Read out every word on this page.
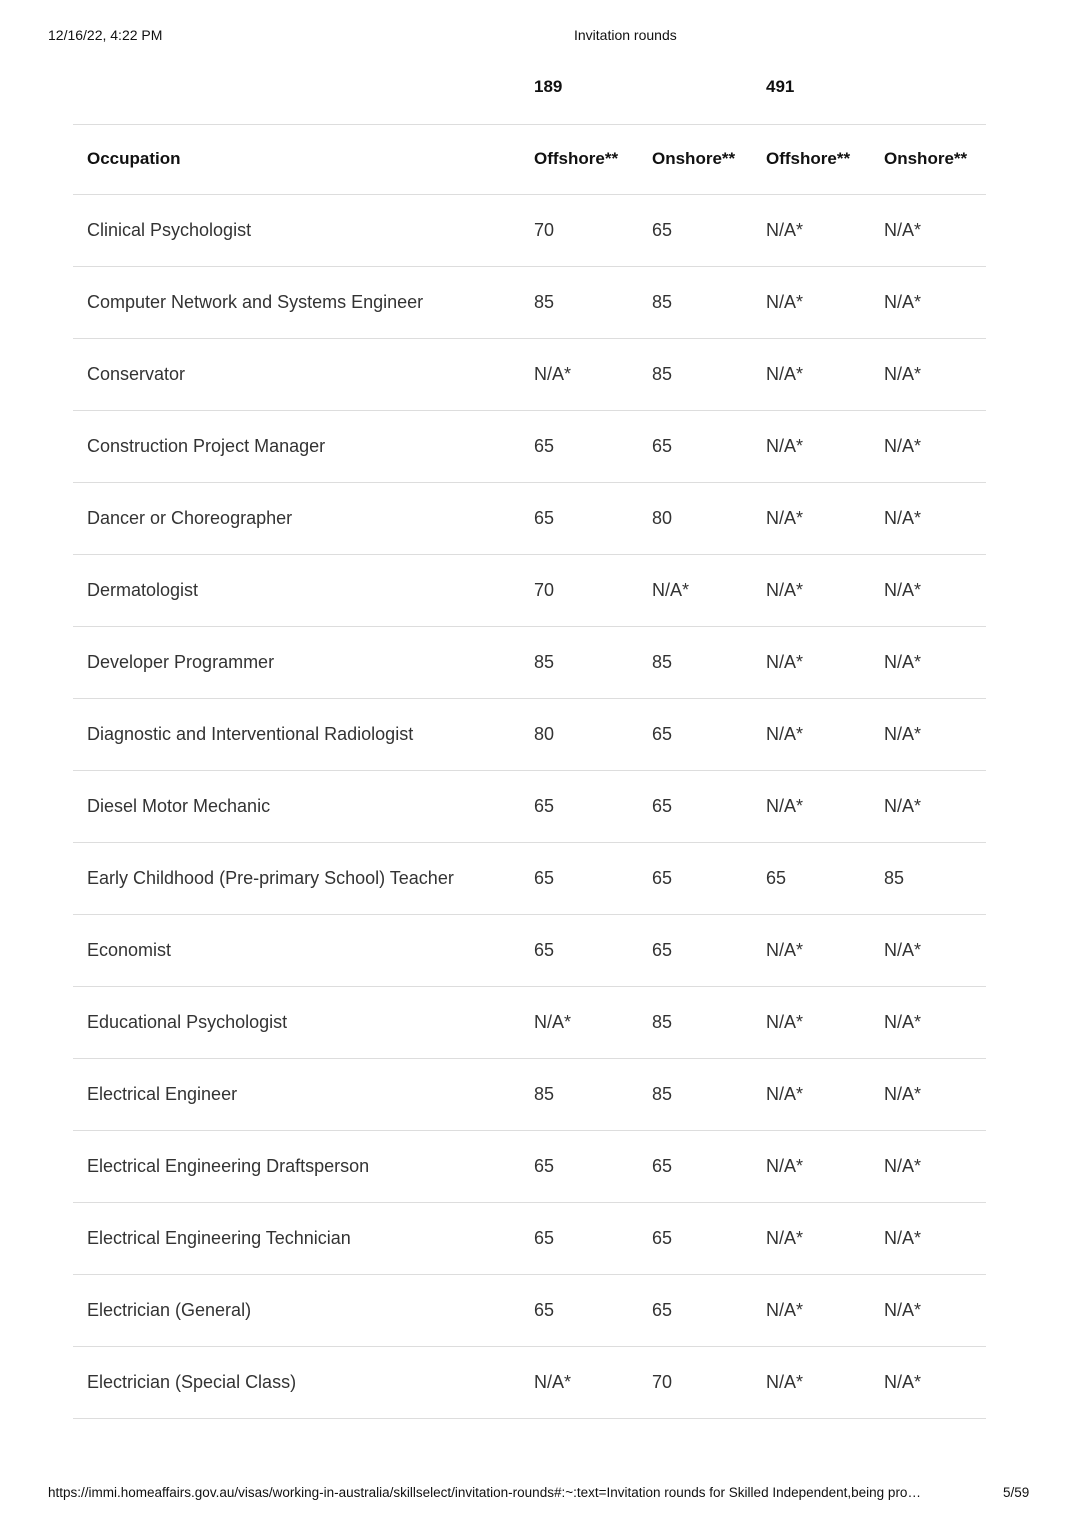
12/16/22, 4:22 PM	Invitation rounds
189	491
Occupation	Offshore**	Onshore**	Offshore**	Onshore**
Clinical Psychologist	70	65	N/A*	N/A*
Computer Network and Systems Engineer	85	85	N/A*	N/A*
Conservator	N/A*	85	N/A*	N/A*
Construction Project Manager	65	65	N/A*	N/A*
Dancer or Choreographer	65	80	N/A*	N/A*
Dermatologist	70	N/A*	N/A*	N/A*
Developer Programmer	85	85	N/A*	N/A*
Diagnostic and Interventional Radiologist	80	65	N/A*	N/A*
Diesel Motor Mechanic	65	65	N/A*	N/A*
Early Childhood (Pre-primary School) Teacher	65	65	65	85
Economist	65	65	N/A*	N/A*
Educational Psychologist	N/A*	85	N/A*	N/A*
Electrical Engineer	85	85	N/A*	N/A*
Electrical Engineering Draftsperson	65	65	N/A*	N/A*
Electrical Engineering Technician	65	65	N/A*	N/A*
Electrician (General)	65	65	N/A*	N/A*
Electrician (Special Class)	N/A*	70	N/A*	N/A*
https://immi.homeaffairs.gov.au/visas/working-in-australia/skillselect/invitation-rounds#:~:text=Invitation rounds for Skilled Independent,being pro…	5/59
